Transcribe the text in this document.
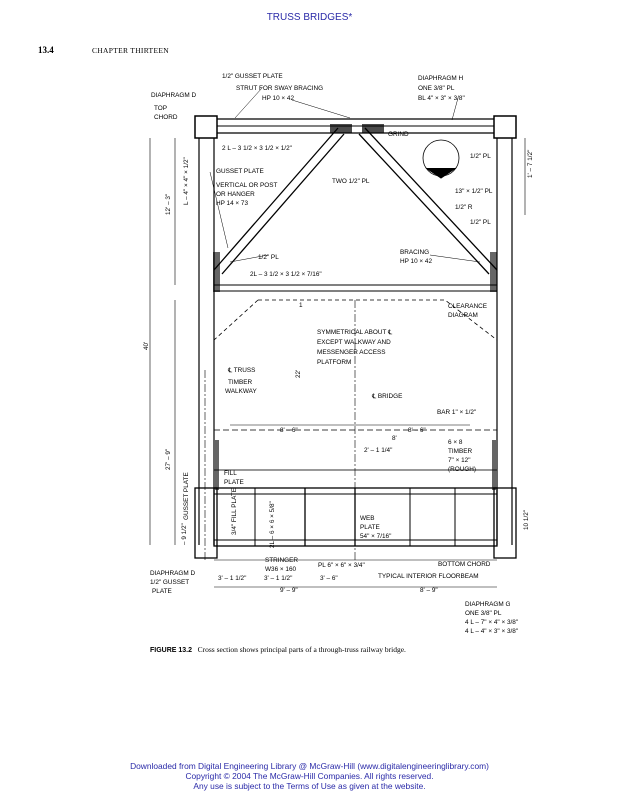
TRUSS BRIDGES*
13.4	CHAPTER THIRTEEN
1/2" GUSSET PLATE
STRUT FOR SWAY BRACING
HP 10 × 42
DIAPHRAGM D
TOP
CHORD
DIAPHRAGM H
ONE 3/8" PL
BL 4" × 3" × 3/8"
2 L – 3 1/2 × 3 1/2 × 1/2"
GRIND
1/2" PL
GUSSET PLATE
TWO 1/2" PL
VERTICAL OR POST
OR HANGER
HP 14 × 73
13" × 1/2" PL
1/2" R
1/2" PL
1/2" PL
BRACING
HP 10 × 42
2L – 3 1/2 × 3 1/2 × 7/16"
1	CLEARANCE
DIAGRAM
SYMMETRICAL ABOUT ℄
EXCEPT WALKWAY AND
MESSENGER ACCESS
PLATFORM
℄ TRUSS
TIMBER
WALKWAY
℄ BRIDGE
BAR 1" × 1/2"
8' – 6"	8' – 6"
8'
2' – 1 1/4"
6 × 8
TIMBER
7" × 12"
(ROUGH)
FILL
PLATE
WEB
PLATE
54" × 7/16"
STRINGER
W36 × 160
PL 6" × 6" × 3/4"
DIAPHRAGM D
1/2" GUSSET
PLATE
3' – 1 1/2"	3' – 1 1/2"	3' – 6"
9' – 9"
BOTTOM CHORD
TYPICAL INTERIOR FLOORBEAM
8' – 9"
DIAPHRAGM G
ONE 3/8" PL
4 L – 7" × 4" × 3/8"
4 L – 4" × 3" × 3/8"
12' – 3" L – 4" × 4" × 1/2"
40'
27' – 9"
22'
1' – 7 1/2"
10 1/2"
– 9 1/2"
GUSSET PLATE	3/4" FILL PLATE	2L – 6 × 6 × 5/8"
FIGURE 13.2 Cross section shows principal parts of a through-truss railway bridge.
Downloaded from Digital Engineering Library @ McGraw-Hill (www.digitalengineeringlibrary.com)
Copyright © 2004 The McGraw-Hill Companies. All rights reserved.
Any use is subject to the Terms of Use as given at the website.
